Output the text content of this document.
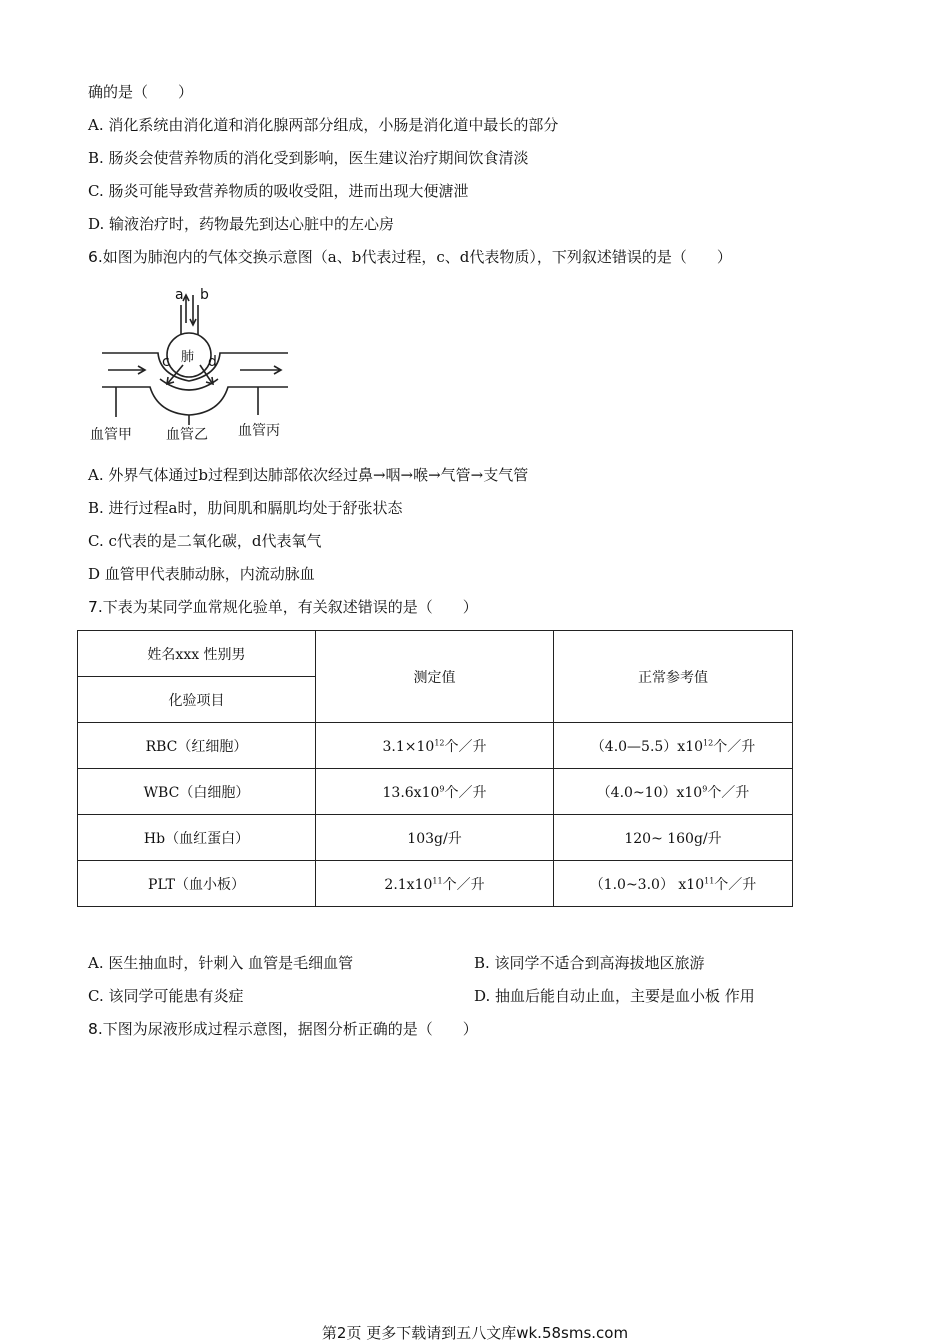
确的是（　　）
A. 消化系统由消化道和消化腺两部分组成，小肠是消化道中最长的部分
B. 肠炎会使营养物质的消化受到影响，医生建议治疗期间饮食清淡
C. 肠炎可能导致营养物质的吸收受阻，进而出现大便溏泄
D. 输液治疗时，药物最先到达心脏中的左心房
6.如图为肺泡内的气体交换示意图（a、b代表过程，c、d代表物质），下列叙述错误的是（　　）
a b
c	d
肺
血管甲 血管乙 血管丙
A. 外界气体通过b过程到达肺部依次经过鼻→咽→喉→气管→支气管
B. 进行过程a时，肋间肌和膈肌均处于舒张状态
C. c代表的是二氧化碳，d代表氧气
D 血管甲代表肺动脉，内流动脉血
7.下表为某同学血常规化验单，有关叙述错误的是（　　）
姓名xxx 性别男	测定值	正常参考值
化验项目		
RBC（红细胞）	$3.1\times 10^{12}$个／升	$(4.0—5.5)x10^{12}$个／升
WBC（白细胞）	$13.6x10^9$个／升	$(4.0\sim 10)x10^9$个／升
Hb（血红蛋白）	103g/升	120~ 160g/升
PLT（血小板）	$2.1x10^{11}$个／升	（1.0~3.0） $x10^{11}$个／升
A. 医生抽血时，针刺入 血管是毛细血管	B. 该同学不适合到高海拔地区旅游
C. 该同学可能患有炎症	D. 抽血后能自动止血，主要是血小板 作用
8.下图为尿液形成过程示意图，据图分析正确的是（　　）
第2页 更多下载请到五八文库wk.58sms.com
